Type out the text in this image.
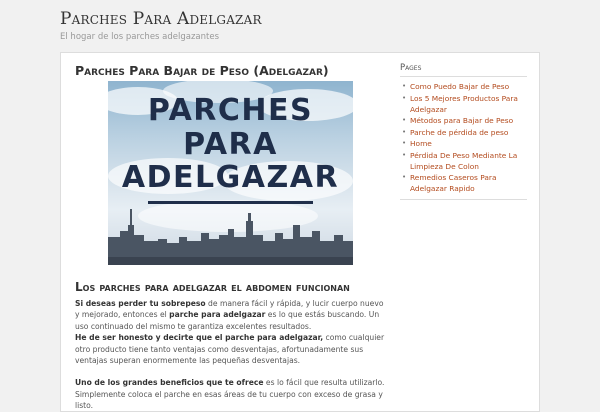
Parches Para Adelgazar
El hogar de los parches adelgazantes
Parches Para Bajar de Peso (Adelgazar)
PARCHES
PARA
ADELGAZAR
Los parches para adelgazar el abdomen funcionan

Si deseas perder tu sobrepeso de manera fácil y rápida, y lucir cuerpo nuevo y mejorado, entonces el parche para adelgazar es lo que estás buscando. Un uso continuado del mismo te garantiza excelentes resultados.

He de ser honesto y decirte que el parche para adelgazar, como cualquier otro producto tiene tanto ventajas como desventajas, afortunadamente sus ventajas superan enormemente las pequeñas desventajas.

Uno de los grandes beneficios que te ofrece es lo fácil que resulta utilizarlo. Simplemente coloca el parche en esas áreas de tu cuerpo con exceso de grasa y listo.

Pages
• Como Puedo Bajar de Peso
• Los 5 Mejores Productos Para Adelgazar
• Métodos para Bajar de Peso
• Parche de pérdida de peso
• Home
• Pérdida De Peso Mediante La Limpieza De Colon
• Remedios Caseros Para Adelgazar Rapido
